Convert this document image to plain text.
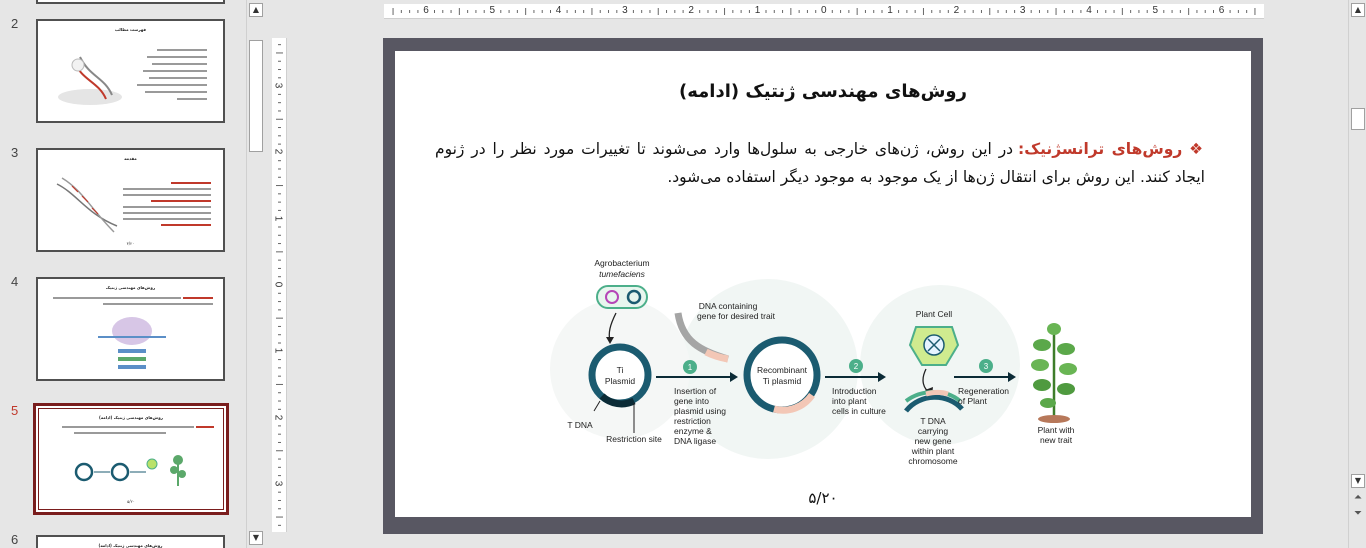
2	فهرست مطالب
3	مقدمه
۳/۲۰
4	روش‌های مهندسی ژنتیک
5	روش‌های مهندسی ژنتیک (ادامه)
۵/۲۰
6	روش‌های مهندسی ژنتیک (ادامه)
▲
▼
6	5	4	3	2	1	0	1	2	3	4	5	6
3
2
1
0
1
2
3
روش‌های مهندسی ژنتیک (ادامه)
❖ روش‌های ترانسژنیک: در این روش، ژن‌های خارجی به سلول‌ها وارد می‌شوند تا تغییرات مورد نظر را در ژنوم ایجاد کنند. این روش برای انتقال ژن‌ها از یک موجود به موجود دیگر استفاده می‌شود.
Agrobacterium
tumefaciens
Ti
Plasmid
T DNA
Restriction site
DNA containing
gene for desired trait
1
Insertion of
gene into
plasmid using
restriction
enzyme &
DNA ligase
Recombinant
Ti plasmid
2
Introduction
into plant
cells in culture
Plant Cell
T DNA
carrying
new gene
within plant
chromosome
3
Regeneration
of Plant
Plant with
new trait
۵/۲۰
▲
▼
⏶
⏷
